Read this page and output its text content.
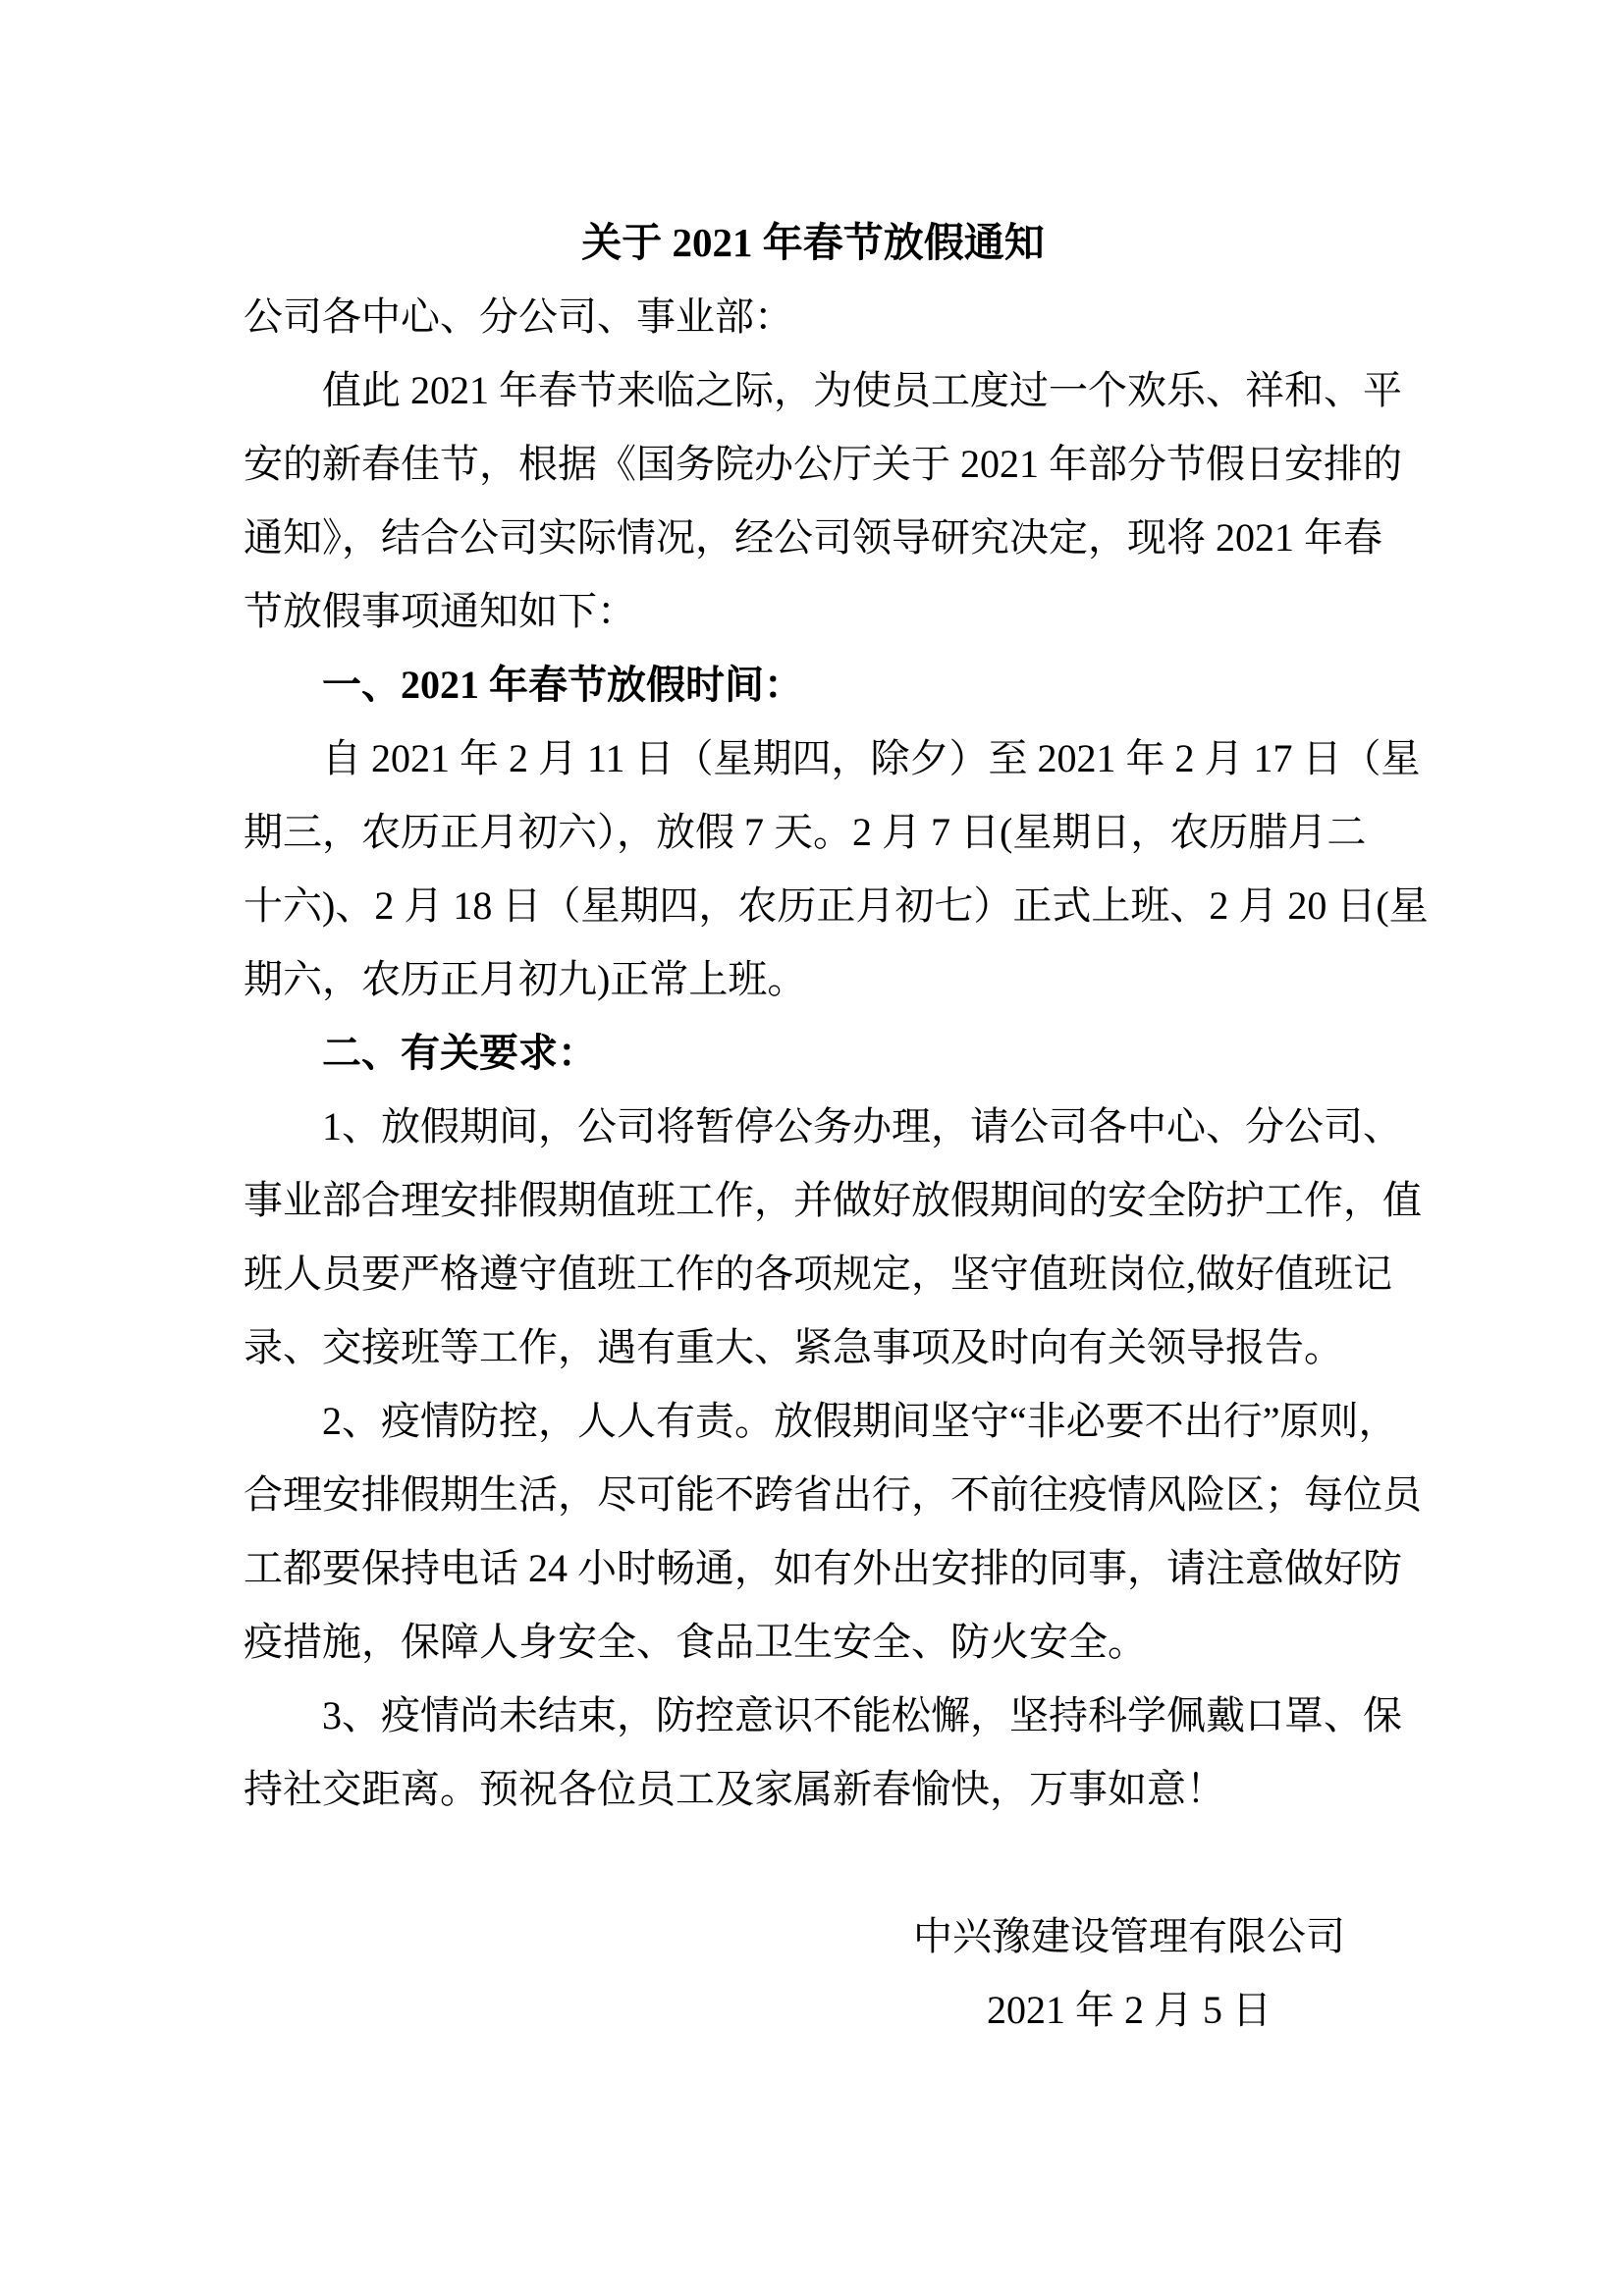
关于 2021 年春节放假通知
公司各中心、分公司、事业部：
值此 2021 年春节来临之际，为使员工度过一个欢乐、祥和、平
安的新春佳节，根据《国务院办公厅关于 2021 年部分节假日安排的
通知》，结合公司实际情况，经公司领导研究决定，现将 2021 年春
节放假事项通知如下：
一、2021 年春节放假时间：
自 2021 年 2 月 11 日（星期四，除夕）至 2021 年 2 月 17 日（星
期三，农历正月初六），放假 7 天。2 月 7 日(星期日，农历腊月二
十六)、2 月 18 日（星期四，农历正月初七）正式上班、2 月 20 日(星
期六，农历正月初九)正常上班。
二、有关要求：
1、放假期间，公司将暂停公务办理，请公司各中心、分公司、
事业部合理安排假期值班工作，并做好放假期间的安全防护工作，值
班人员要严格遵守值班工作的各项规定，坚守值班岗位,做好值班记
录、交接班等工作，遇有重大、紧急事项及时向有关领导报告。
2、疫情防控，人人有责。放假期间坚守“非必要不出行”原则，
合理安排假期生活，尽可能不跨省出行，不前往疫情风险区；每位员
工都要保持电话 24 小时畅通，如有外出安排的同事，请注意做好防
疫措施，保障人身安全、食品卫生安全、防火安全。
3、疫情尚未结束，防控意识不能松懈，坚持科学佩戴口罩、保
持社交距离。预祝各位员工及家属新春愉快，万事如意！
中兴豫建设管理有限公司
2021 年 2 月 5 日
